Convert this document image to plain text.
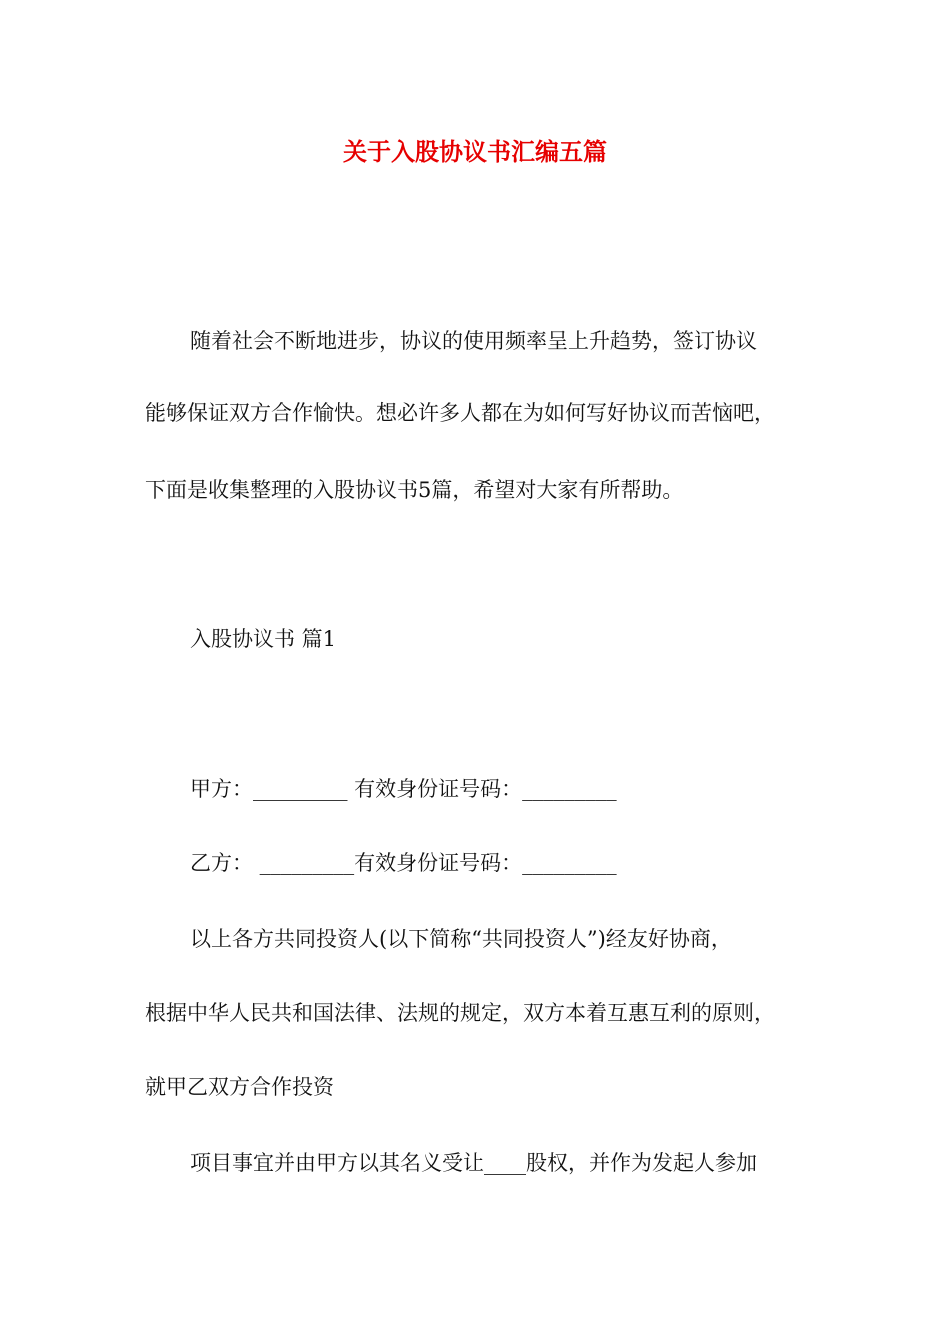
关于入股协议书汇编五篇
随着社会不断地进步，协议的使用频率呈上升趋势，签订协议
能够保证双方合作愉快。想必许多人都在为如何写好协议而苦恼吧，
下面是收集整理的入股协议书5篇，希望对大家有所帮助。
入股协议书 篇1
甲方：_________ 有效身份证号码：_________
乙方： _________有效身份证号码：_________
以上各方共同投资人(以下简称“共同投资人”)经友好协商，
根据中华人民共和国法律、法规的规定，双方本着互惠互利的原则，
就甲乙双方合作投资
项目事宜并由甲方以其名义受让____股权，并作为发起人参加
